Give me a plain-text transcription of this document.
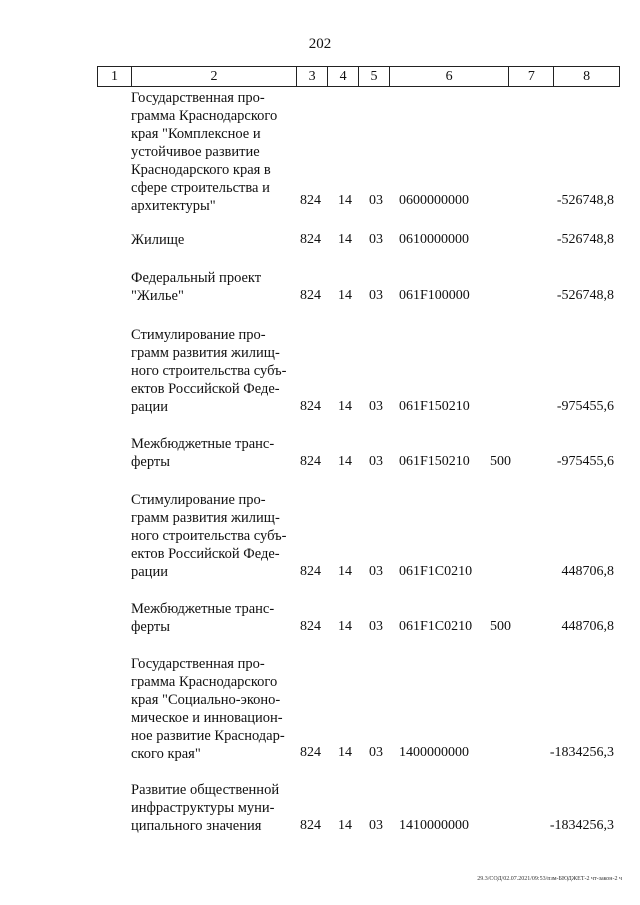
202
1	2	3	4	5	6	7	8
Государственная про-
грамма Краснодарского
края "Комплексное и
устойчивое развитие
Краснодарского края в
сфере строительства и
архитектуры"	824 14 03 0600000000	-526748,8
Жилище	824 14 03 0610000000	-526748,8
Федеральный проект
"Жилье"	824 14 03 061F100000	-526748,8
Стимулирование про-
грамм развития жилищ-
ного строительства субъ-
ектов Российской Феде-
рации	824 14 03 061F150210	-975455,6
Межбюджетные транс-
ферты	824 14 03 061F150210 500	-975455,6
Стимулирование про-
грамм развития жилищ-
ного строительства субъ-
ектов Российской Феде-
рации	824 14 03 061F1C0210	448706,8
Межбюджетные транс-
ферты	824 14 03 061F1C0210 500	448706,8
Государственная про-
грамма Краснодарского
края "Социально-эконо-
мическое и инновацион-
ное развитие Краснодар-
ского края"	824 14 03 1400000000	-1834256,3
Развитие общественной
инфраструктуры муни-
ципального значения	824 14 03 1410000000	-1834256,3
29.3/СОД/02.07.2021/09:53/пзм-БЮДЖЕТ-2 чт-закон-2 ч
